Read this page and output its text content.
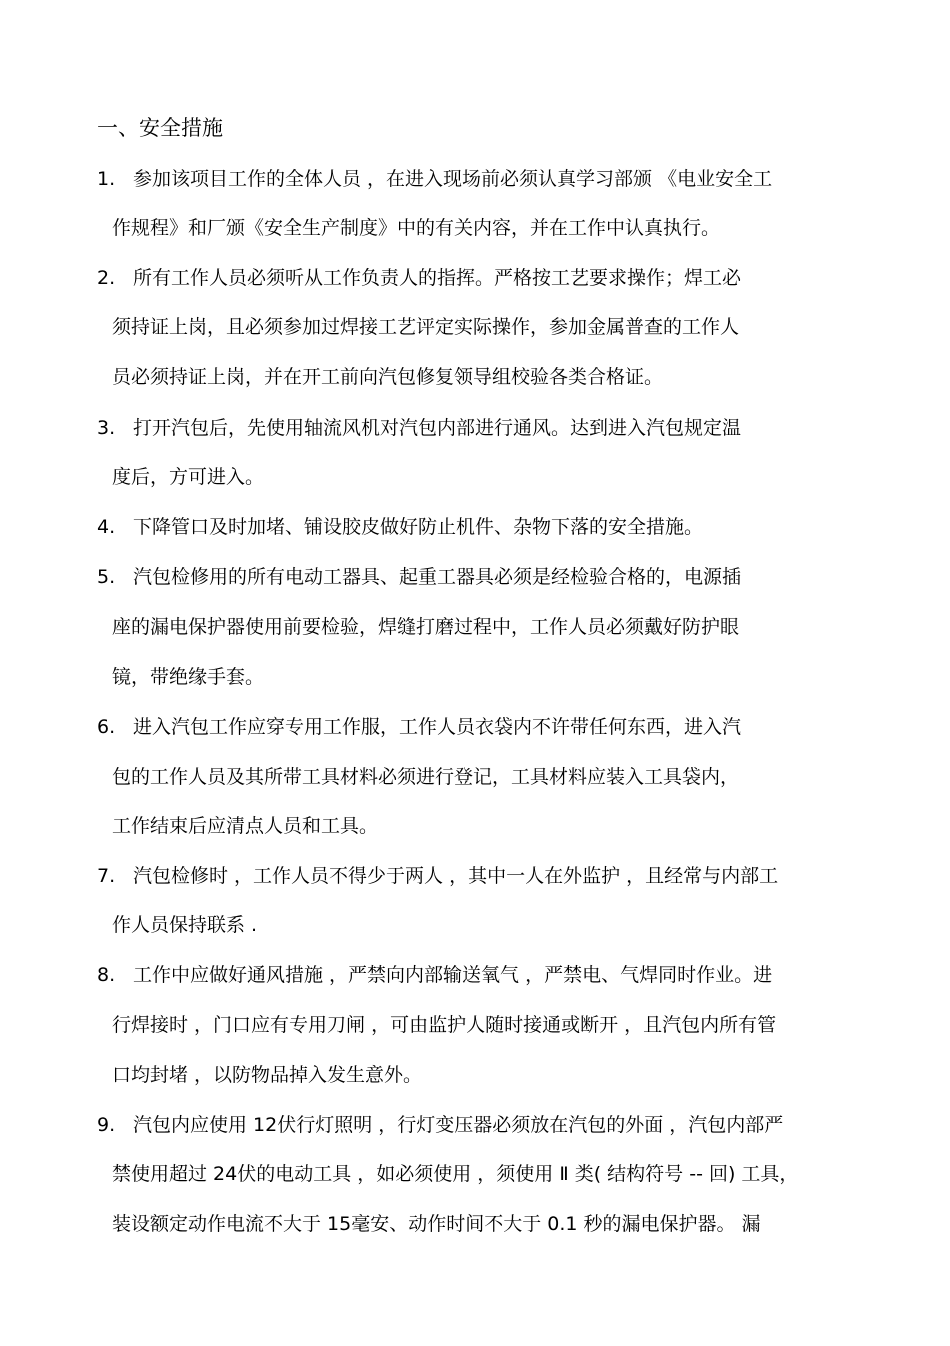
一、安全措施
1. 参加该项目工作的全体人员 ，在进入现场前必须认真学习部颁 《电业安全工
作规程》和厂颁《安全生产制度》中的有关内容，并在工作中认真执行。
2. 所有工作人员必须听从工作负责人的指挥。严格按工艺要求操作；焊工必
须持证上岗，且必须参加过焊接工艺评定实际操作，参加金属普查的工作人
员必须持证上岗，并在开工前向汽包修复领导组校验各类合格证。
3. 打开汽包后，先使用轴流风机对汽包内部进行通风。达到进入汽包规定温
度后，方可进入。
4. 下降管口及时加堵、铺设胶皮做好防止机件、杂物下落的安全措施。
5. 汽包检修用的所有电动工器具、起重工器具必须是经检验合格的，电源插
座的漏电保护器使用前要检验，焊缝打磨过程中，工作人员必须戴好防护眼
镜，带绝缘手套。
6. 进入汽包工作应穿专用工作服，工作人员衣袋内不许带任何东西，进入汽
包的工作人员及其所带工具材料必须进行登记，工具材料应装入工具袋内，
工作结束后应清点人员和工具。
7. 汽包检修时 ，工作人员不得少于两人 ，其中一人在外监护 ，且经常与内部工
作人员保持联系 .
8. 工作中应做好通风措施 ，严禁向内部输送氧气 ，严禁电、气焊同时作业。进
行焊接时 ，门口应有专用刀闸 ，可由监护人随时接通或断开 ，且汽包内所有管
口均封堵 ，以防物品掉入发生意外。
9. 汽包内应使用 12伏行灯照明 ，行灯变压器必须放在汽包的外面 ，汽包内部严
禁使用超过 24伏的电动工具 ，如必须使用 ，须使用 Ⅱ 类( 结构符号 -- 回) 工具，
装设额定动作电流不大于 15毫安、动作时间不大于 0.1 秒的漏电保护器。 漏
